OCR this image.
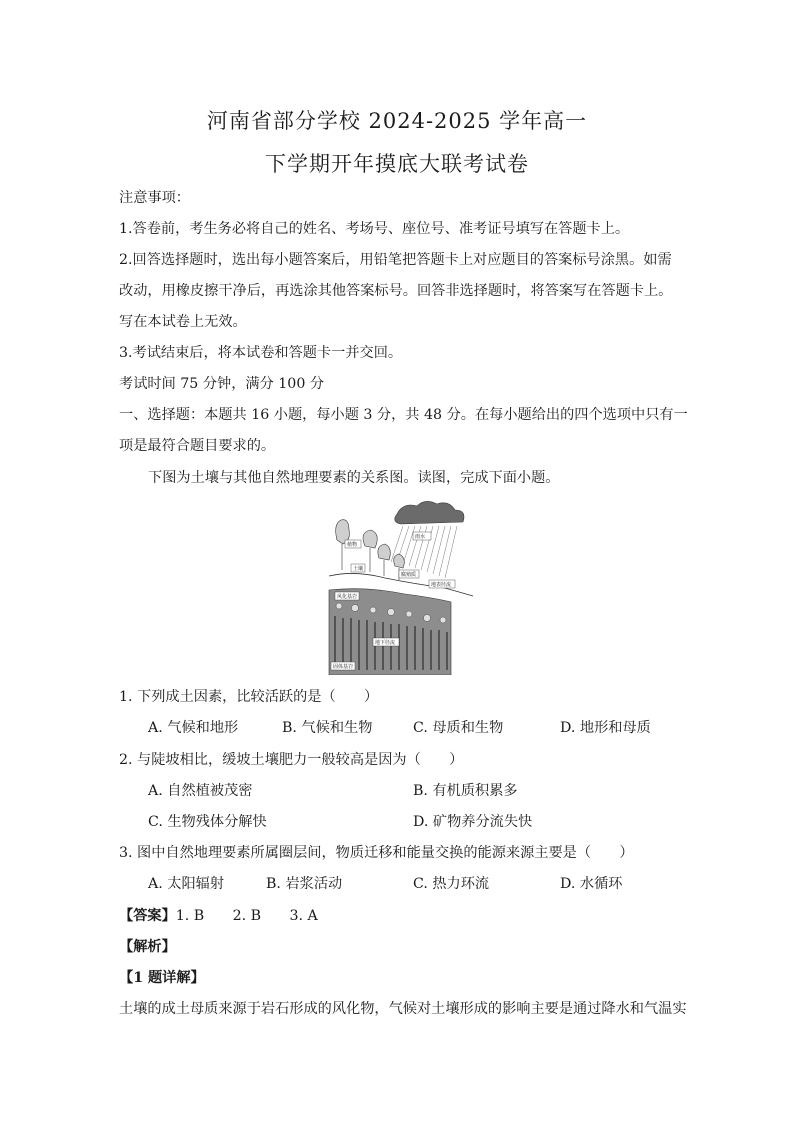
河南省部分学校 2024-2025 学年高一
下学期开年摸底大联考试卷
注意事项：
1.答卷前，考生务必将自己的姓名、考场号、座位号、准考证号填写在答题卡上。
2.回答选择题时，选出每小题答案后，用铅笔把答题卡上对应题目的答案标号涂黑。如需
改动，用橡皮擦干净后，再选涂其他答案标号。回答非选择题时，将答案写在答题卡上。
写在本试卷上无效。
3.考试结束后，将本试卷和答题卡一并交回。
考试时间 75 分钟，满分 100 分
一、选择题：本题共 16 小题，每小题 3 分，共 48 分。在每小题给出的四个选项中只有一
项是最符合题目要求的。
下图为土壤与其他自然地理要素的关系图。读图，完成下面小题。
雨水
植物
土壤
腐殖质
地表径流
风化基岩
地下径流
固体基岩
1. 下列成土因素，比较活跃的是（　　）
A. 气候和地形	B. 气候和生物	C. 母质和生物	D. 地形和母质
2. 与陡坡相比，缓坡土壤肥力一般较高是因为（　　）
A. 自然植被茂密	B. 有机质积累多
C. 生物残体分解快	D. 矿物养分流失快
3. 图中自然地理要素所属圈层间，物质迁移和能量交换的能源来源主要是（　　）
A. 太阳辐射	B. 岩浆活动	C. 热力环流	D. 水循环
【答案】1. B　　2. B　　3. A
【解析】
【1 题详解】
土壤的成土母质来源于岩石形成的风化物，气候对土壤形成的影响主要是通过降水和气温实
